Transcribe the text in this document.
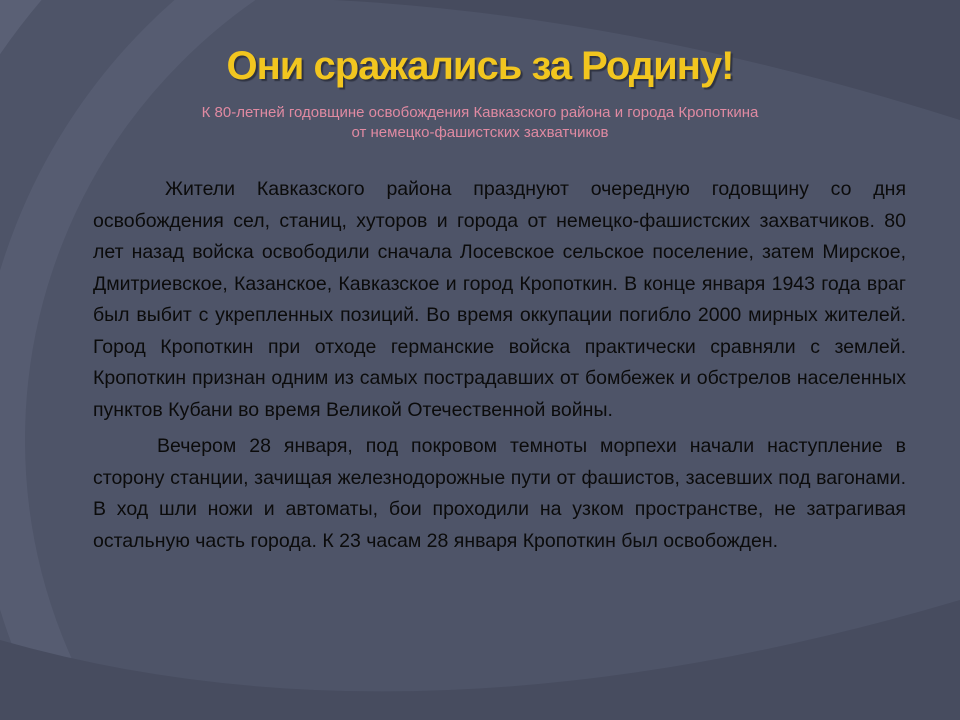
Они сражались за Родину!
К 80-летней годовщине освобождения Кавказского района и города Кропоткина
от немецко-фашистских захватчиков

Жители Кавказского района празднуют очередную годовщину со дня освобождения сел, станиц, хуторов и города от немецко-фашистских захватчиков. 80 лет назад войска освободили сначала Лосевское сельское поселение, затем Мирское, Дмитриевское, Казанское, Кавказское и город Кропоткин. В конце января 1943 года враг был выбит с укрепленных позиций. Во время оккупации погибло 2000 мирных жителей. Город Кропоткин при отходе германские войска практически сравняли с землей. Кропоткин признан одним из самых пострадавших от бомбежек и обстрелов населенных пунктов Кубани во время Великой Отечественной войны.

Вечером 28 января, под покровом темноты морпехи начали наступление в сторону станции, зачищая железнодорожные пути от фашистов, засевших под вагонами. В ход шли ножи и автоматы, бои проходили на узком пространстве, не затрагивая остальную часть города. К 23 часам 28 января Кропоткин был освобожден.
